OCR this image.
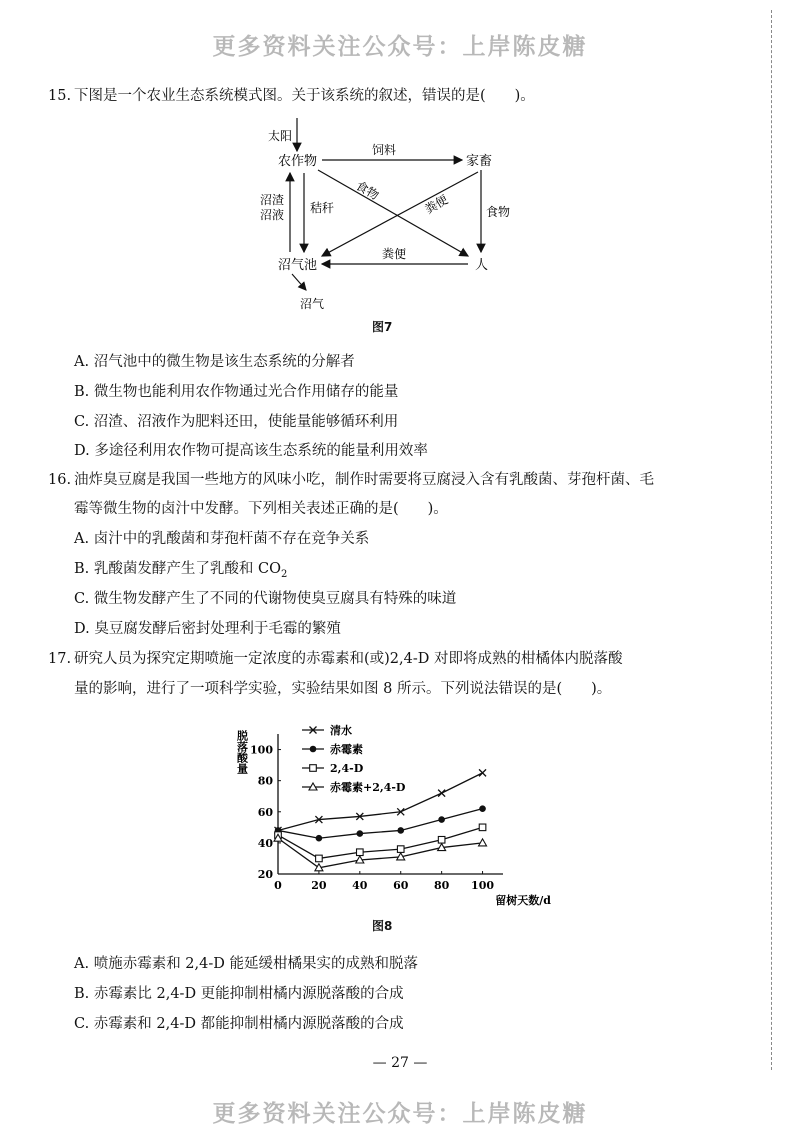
更多资料关注公众号：上岸陈皮糖
更多资料关注公众号：上岸陈皮糖
15. 下图是一个农业生态系统模式图。关于该系统的叙述，错误的是(　　)。
太阳
农作物	家畜
饲料
食物
粪便
沼渣
沼液 秸秆	食物
粪便
沼气池	人
沼气
图7
A. 沼气池中的微生物是该生态系统的分解者
B. 微生物也能利用农作物通过光合作用储存的能量
C. 沼渣、沼液作为肥料还田，使能量能够循环利用
D. 多途径利用农作物可提高该生态系统的能量利用效率
16. 油炸臭豆腐是我国一些地方的风味小吃，制作时需要将豆腐浸入含有乳酸菌、芽孢杆菌、毛
霉等微生物的卤汁中发酵。下列相关表述正确的是(　　)。
A. 卤汁中的乳酸菌和芽孢杆菌不存在竞争关系
B. 乳酸菌发酵产生了乳酸和 $CO_2$
C. 微生物发酵产生了不同的代谢物使臭豆腐具有特殊的味道
D. 臭豆腐发酵后密封处理利于毛霉的繁殖
17. 研究人员为探究定期喷施一定浓度的赤霉素和(或)2,4-D 对即将成熟的柑橘体内脱落酸
量的影响，进行了一项科学实验，实验结果如图 8 所示。下列说法错误的是(　　)。
0	20 40 60 80 100
20
40
60
80
100
脱落酸量
留树天数/d
清水
赤霉素
2,4-D
赤霉素+2,4-D
图8
A. 喷施赤霉素和 2,4-D 能延缓柑橘果实的成熟和脱落
B. 赤霉素比 2,4-D 更能抑制柑橘内源脱落酸的合成
C. 赤霉素和 2,4-D 都能抑制柑橘内源脱落酸的合成
— 27 —
